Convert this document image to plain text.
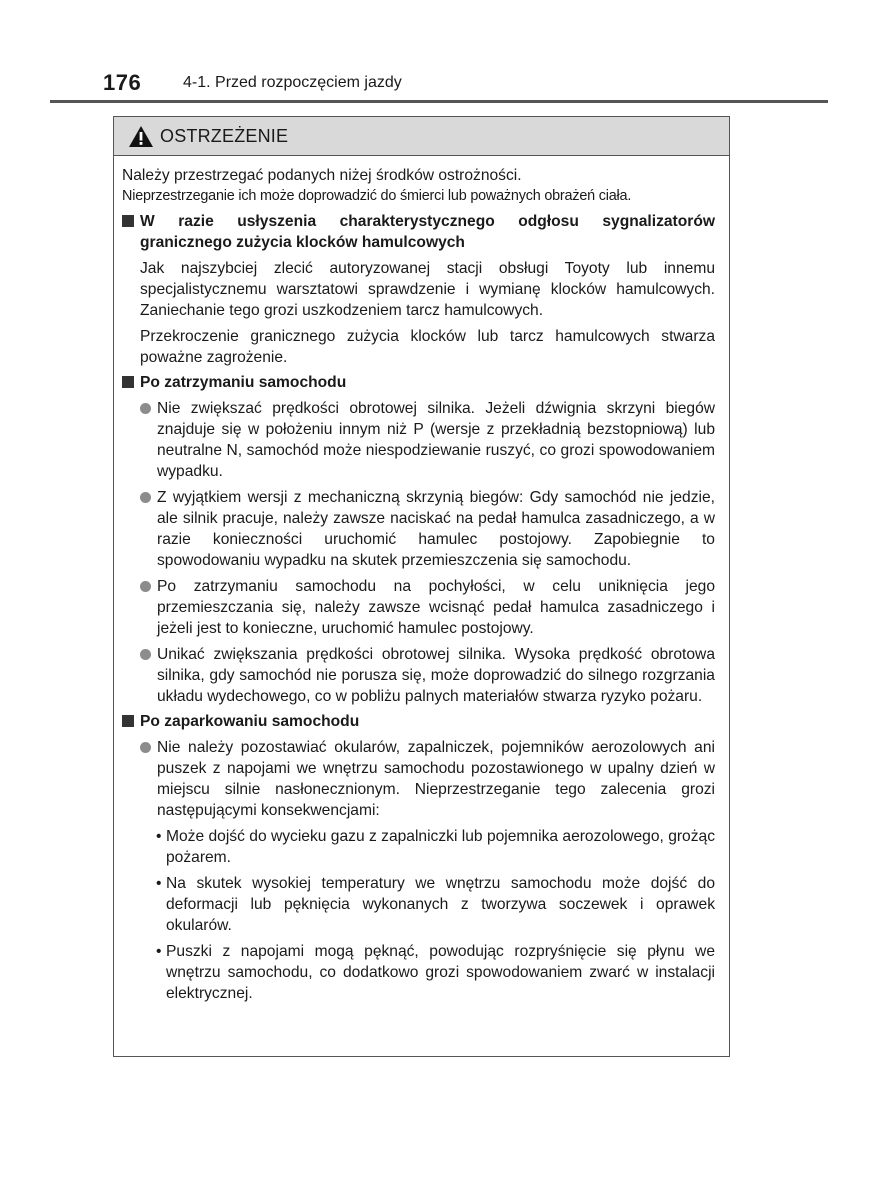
176	4-1. Przed rozpoczęciem jazdy
OSTRZEŻENIE

Należy przestrzegać podanych niżej środków ostrożności.

Nieprzestrzeganie ich może doprowadzić do śmierci lub poważnych obrażeń ciała.

W razie usłyszenia charakterystycznego odgłosu sygnalizatorów granicznego zużycia klocków hamulcowych
Jak najszybciej zlecić autoryzowanej stacji obsługi Toyoty lub innemu specjalistycznemu warsztatowi sprawdzenie i wymianę klocków hamulcowych. Zaniechanie tego grozi uszkodzeniem tarcz hamulcowych.
Przekroczenie granicznego zużycia klocków lub tarcz hamulcowych stwarza poważne zagrożenie.
Po zatrzymaniu samochodu
Nie zwiększać prędkości obrotowej silnika. Jeżeli dźwignia skrzyni biegów znajduje się w położeniu innym niż P (wersje z przekładnią bezstopniową) lub neutralne N, samochód może niespodziewanie ruszyć, co grozi spowodowaniem wypadku.
Z wyjątkiem wersji z mechaniczną skrzynią biegów: Gdy samochód nie jedzie, ale silnik pracuje, należy zawsze naciskać na pedał hamulca zasadniczego, a w razie konieczności uruchomić hamulec postojowy. Zapobiegnie to spowodowaniu wypadku na skutek przemieszczenia się samochodu.
Po zatrzymaniu samochodu na pochyłości, w celu uniknięcia jego przemieszczania się, należy zawsze wcisnąć pedał hamulca zasadniczego i jeżeli jest to konieczne, uruchomić hamulec postojowy.
Unikać zwiększania prędkości obrotowej silnika. Wysoka prędkość obrotowa silnika, gdy samochód nie porusza się, może doprowadzić do silnego rozgrzania układu wydechowego, co w pobliżu palnych materiałów stwarza ryzyko pożaru.
Po zaparkowaniu samochodu
Nie należy pozostawiać okularów, zapalniczek, pojemników aerozolowych ani puszek z napojami we wnętrzu samochodu pozostawionego w upalny dzień w miejscu silnie nasłonecznionym. Nieprzestrzeganie tego zalecenia grozi następującymi konsekwencjami:
• Może dojść do wycieku gazu z zapalniczki lub pojemnika aerozolowego, grożąc pożarem.
• Na skutek wysokiej temperatury we wnętrzu samochodu może dojść do deformacji lub pęknięcia wykonanych z tworzywa soczewek i oprawek okularów.
• Puszki z napojami mogą pęknąć, powodując rozpryśnięcie się płynu we wnętrzu samochodu, co dodatkowo grozi spowodowaniem zwarć w instalacji elektrycznej.
